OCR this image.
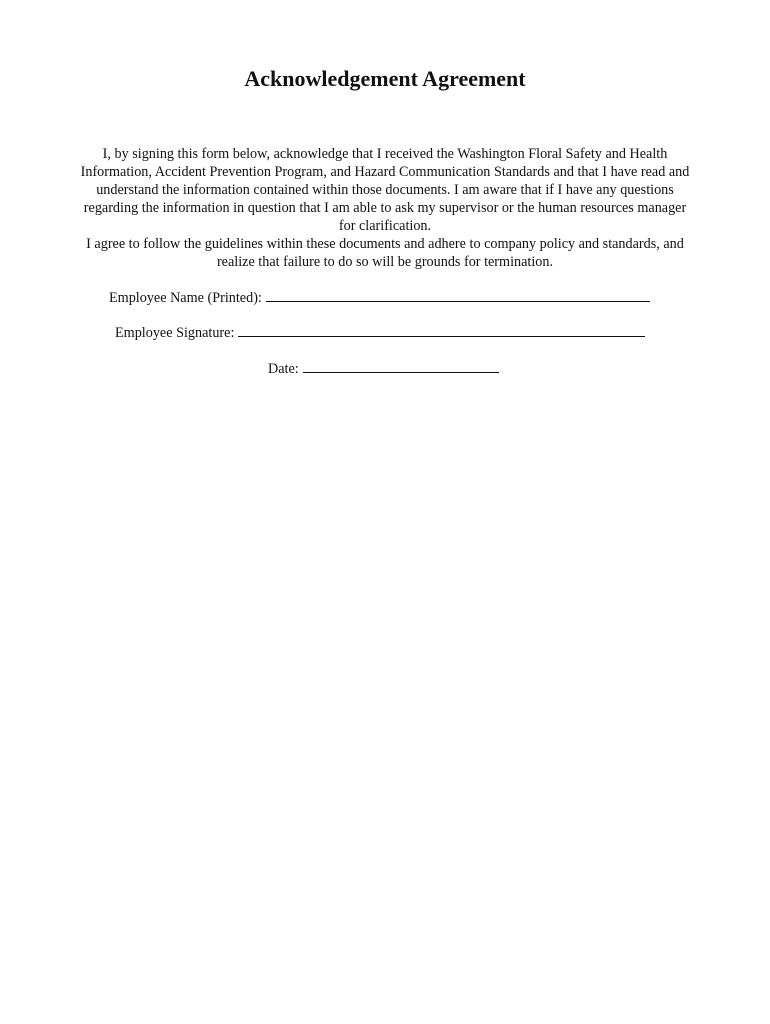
Acknowledgement Agreement
I, by signing this form below, acknowledge that I received the Washington Floral Safety and Health
Information, Accident Prevention Program, and Hazard Communication Standards and that I have read and
understand the information contained within those documents. I am aware that if I have any questions
regarding the information in question that I am able to ask my supervisor or the human resources manager
for clarification.
I agree to follow the guidelines within these documents and adhere to company policy and standards, and
realize that failure to do so will be grounds for termination.
Employee Name (Printed):
Employee Signature:
Date:
